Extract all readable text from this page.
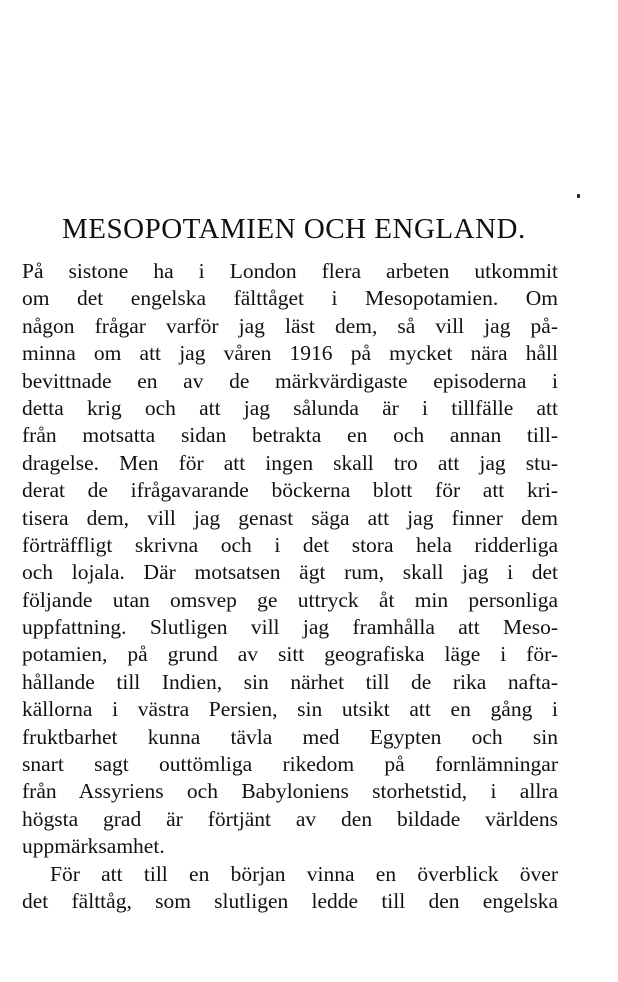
MESOPOTAMIEN OCH ENGLAND.
På sistone ha i London flera arbeten utkommit
om det engelska fälttåget i Mesopotamien. Om
någon frågar varför jag läst dem, så vill jag på-
minna om att jag våren 1916 på mycket nära håll
bevittnade en av de märkvärdigaste episoderna i
detta krig och att jag sålunda är i tillfälle att
från motsatta sidan betrakta en och annan till-
dragelse. Men för att ingen skall tro att jag stu-
derat de ifrågavarande böckerna blott för att kri-
tisera dem, vill jag genast säga att jag finner dem
förträffligt skrivna och i det stora hela ridderliga
och lojala. Där motsatsen ägt rum, skall jag i det
följande utan omsvep ge uttryck åt min personliga
uppfattning. Slutligen vill jag framhålla att Meso-
potamien, på grund av sitt geografiska läge i för-
hållande till Indien, sin närhet till de rika nafta-
källorna i västra Persien, sin utsikt att en gång i
fruktbarhet kunna tävla med Egypten och sin
snart sagt outtömliga rikedom på fornlämningar
från Assyriens och Babyloniens storhetstid, i allra
högsta grad är förtjänt av den bildade världens
uppmärksamhet.
För att till en början vinna en överblick över
det fälttåg, som slutligen ledde till den engelska
